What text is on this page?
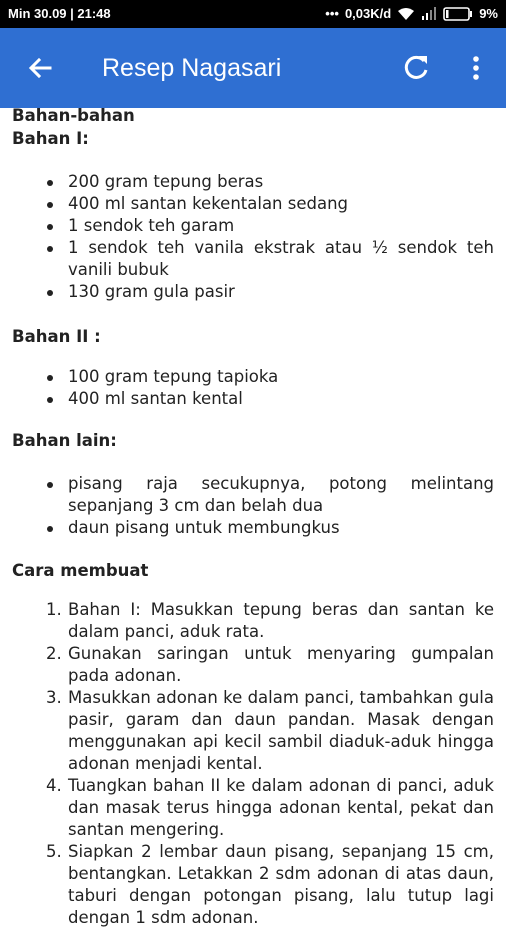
Min 30.09 | 21:48	••• 0,03K/d	9%
Resep Nagasari
Bahan-bahan
Bahan I:
200 gram tepung beras
400 ml santan kekentalan sedang
1 sendok teh garam
1 sendok teh vanila ekstrak atau ½ sendok teh vanili bubuk
130 gram gula pasir
Bahan II :
100 gram tepung tapioka
400 ml santan kental
Bahan lain:
pisang raja secukupnya, potong melintang sepanjang 3 cm dan belah dua
daun pisang untuk membungkus
Cara membuat
1. Bahan I: Masukkan tepung beras dan santan ke dalam panci, aduk rata.
2. Gunakan saringan untuk menyaring gumpalan pada adonan.
3. Masukkan adonan ke dalam panci, tambahkan gula pasir, garam dan daun pandan. Masak dengan menggunakan api kecil sambil diaduk-aduk hingga adonan menjadi kental.
4. Tuangkan bahan II ke dalam adonan di panci, aduk dan masak terus hingga adonan kental, pekat dan santan mengering.
5. Siapkan 2 lembar daun pisang, sepanjang 15 cm, bentangkan. Letakkan 2 sdm adonan di atas daun, taburi dengan potongan pisang, lalu tutup lagi dengan 1 sdm adonan.
